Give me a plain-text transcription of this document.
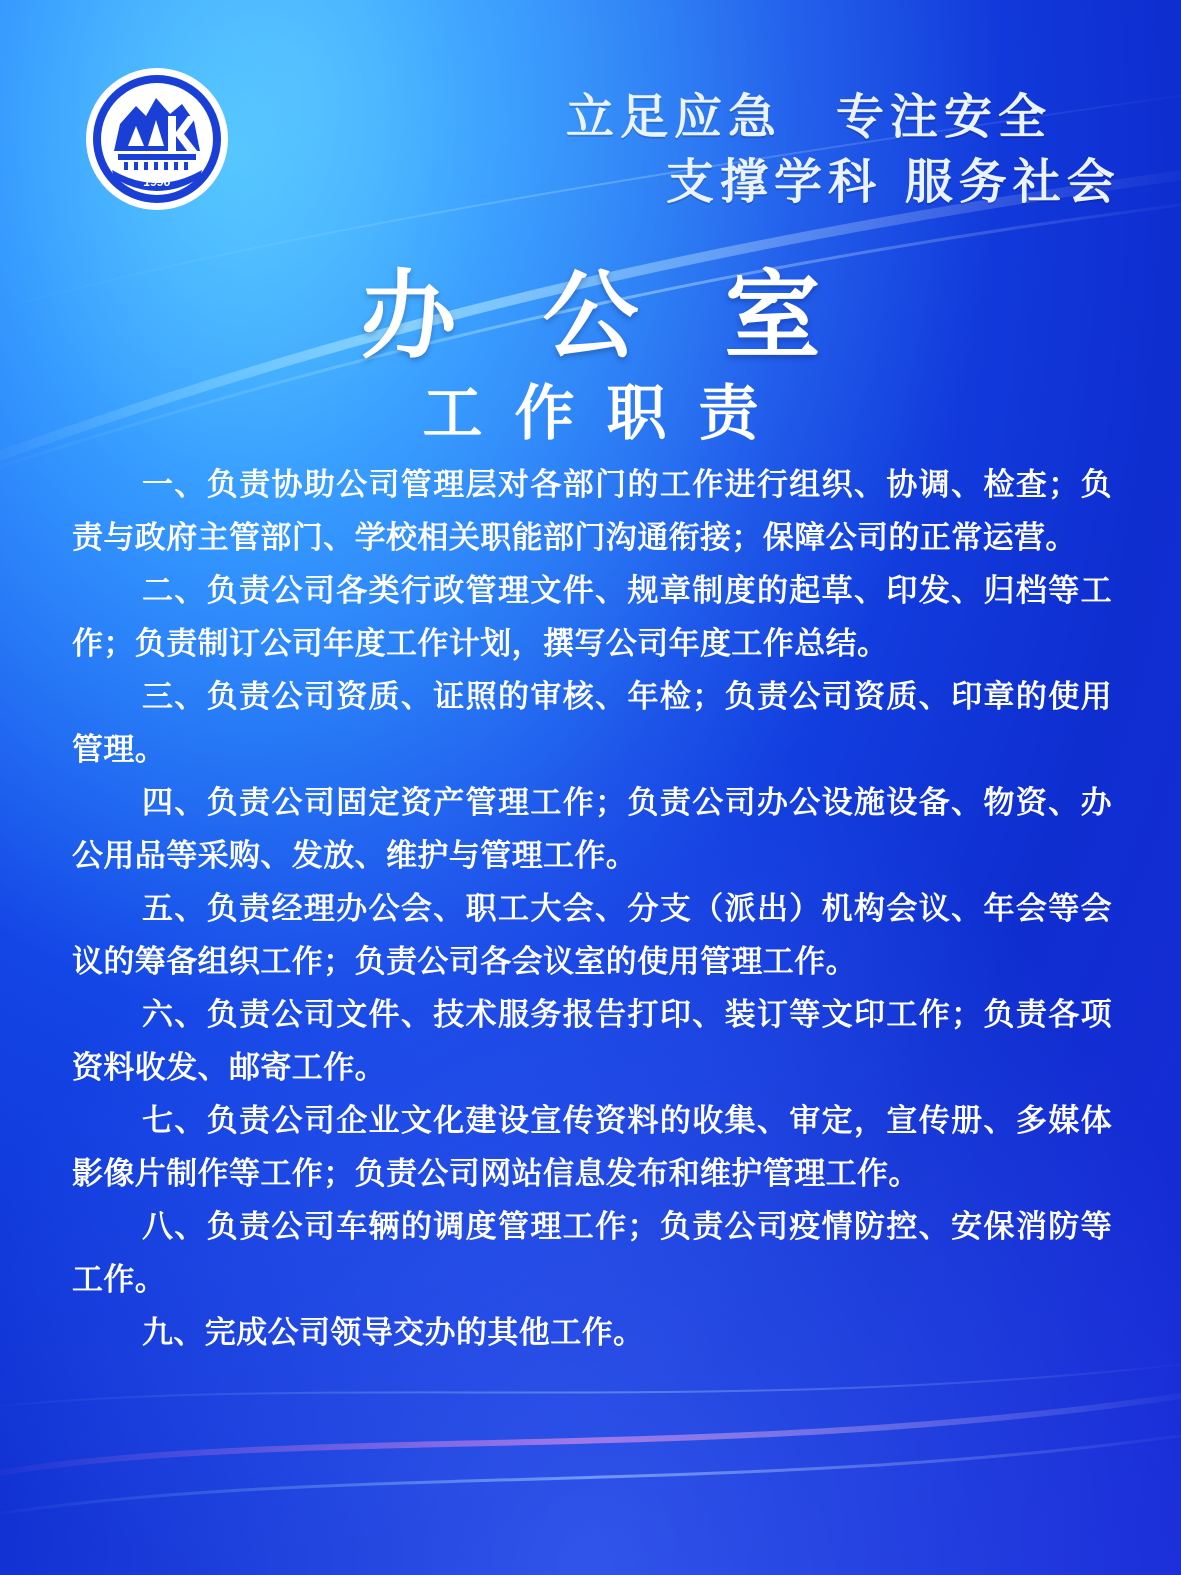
1996
立足应急　专注安全
支撑学科 服务社会
办公室
工作职责

一、负责协助公司管理层对各部门的工作进行组织、协调、检查；负责与政府主管部门、学校相关职能部门沟通衔接；保障公司的正常运营。

二、负责公司各类行政管理文件、规章制度的起草、印发、归档等工作；负责制订公司年度工作计划，撰写公司年度工作总结。

三、负责公司资质、证照的审核、年检；负责公司资质、印章的使用管理。

四、负责公司固定资产管理工作；负责公司办公设施设备、物资、办公用品等采购、发放、维护与管理工作。

五、负责经理办公会、职工大会、分支（派出）机构会议、年会等会议的筹备组织工作；负责公司各会议室的使用管理工作。

六、负责公司文件、技术服务报告打印、装订等文印工作；负责各项资料收发、邮寄工作。

七、负责公司企业文化建设宣传资料的收集、审定，宣传册、多媒体影像片制作等工作；负责公司网站信息发布和维护管理工作。

八、负责公司车辆的调度管理工作；负责公司疫情防控、安保消防等工作。

九、完成公司领导交办的其他工作。
